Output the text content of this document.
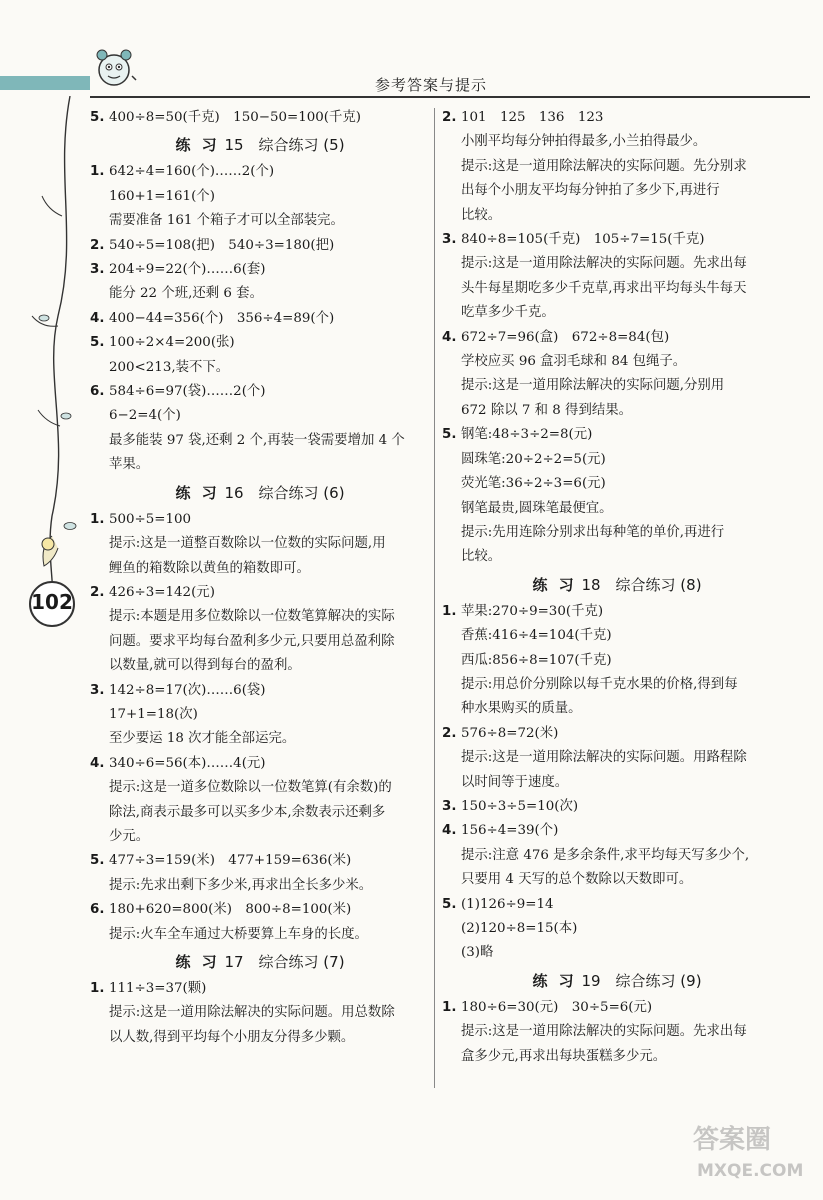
参考答案与提示
102
5. 400÷8=50(千克)　150−50=100(千克)
练 习 15　综合练习 (5)
1. 642÷4=160(个)……2(个)
160+1=161(个)
需要准备 161 个箱子才可以全部装完。
2. 540÷5=108(把)　540÷3=180(把)
3. 204÷9=22(个)……6(套)
能分 22 个班,还剩 6 套。
4. 400−44=356(个)　356÷4=89(个)
5. 100÷2×4=200(张)
200<213,装不下。
6. 584÷6=97(袋)……2(个)
6−2=4(个)
最多能装 97 袋,还剩 2 个,再装一袋需要增加 4 个
苹果。
练 习 16　综合练习 (6)
1. 500÷5=100
提示:这是一道整百数除以一位数的实际问题,用
鲤鱼的箱数除以黄鱼的箱数即可。
2. 426÷3=142(元)
提示:本题是用多位数除以一位数笔算解决的实际
问题。要求平均每台盈利多少元,只要用总盈利除
以数量,就可以得到每台的盈利。
3. 142÷8=17(次)……6(袋)
17+1=18(次)
至少要运 18 次才能全部运完。
4. 340÷6=56(本)……4(元)
提示:这是一道多位数除以一位数笔算(有余数)的
除法,商表示最多可以买多少本,余数表示还剩多
少元。
5. 477÷3=159(米)　477+159=636(米)
提示:先求出剩下多少米,再求出全长多少米。
6. 180+620=800(米)　800÷8=100(米)
提示:火车全车通过大桥要算上车身的长度。
练 习 17　综合练习 (7)
1. 111÷3=37(颗)
提示:这是一道用除法解决的实际问题。用总数除
以人数,得到平均每个小朋友分得多少颗。
2. 101　125　136　123
小刚平均每分钟拍得最多,小兰拍得最少。
提示:这是一道用除法解决的实际问题。先分别求
出每个小朋友平均每分钟拍了多少下,再进行
比较。
3. 840÷8=105(千克)　105÷7=15(千克)
提示:这是一道用除法解决的实际问题。先求出每
头牛每星期吃多少千克草,再求出平均每头牛每天
吃草多少千克。
4. 672÷7=96(盒)　672÷8=84(包)
学校应买 96 盒羽毛球和 84 包绳子。
提示:这是一道用除法解决的实际问题,分别用
672 除以 7 和 8 得到结果。
5. 钢笔:48÷3÷2=8(元)
圆珠笔:20÷2÷2=5(元)
荧光笔:36÷2÷3=6(元)
钢笔最贵,圆珠笔最便宜。
提示:先用连除分别求出每种笔的单价,再进行
比较。
练 习 18　综合练习 (8)
1. 苹果:270÷9=30(千克)
香蕉:416÷4=104(千克)
西瓜:856÷8=107(千克)
提示:用总价分别除以每千克水果的价格,得到每
种水果购买的质量。
2. 576÷8=72(米)
提示:这是一道用除法解决的实际问题。用路程除
以时间等于速度。
3. 150÷3÷5=10(次)
4. 156÷4=39(个)
提示:注意 476 是多余条件,求平均每天写多少个,
只要用 4 天写的总个数除以天数即可。
5. (1)126÷9=14
(2)120÷8=15(本)
(3)略
练 习 19　综合练习 (9)
1. 180÷6=30(元)　30÷5=6(元)
提示:这是一道用除法解决的实际问题。先求出每
盒多少元,再求出每块蛋糕多少元。
答案圈
MXQE.COM
